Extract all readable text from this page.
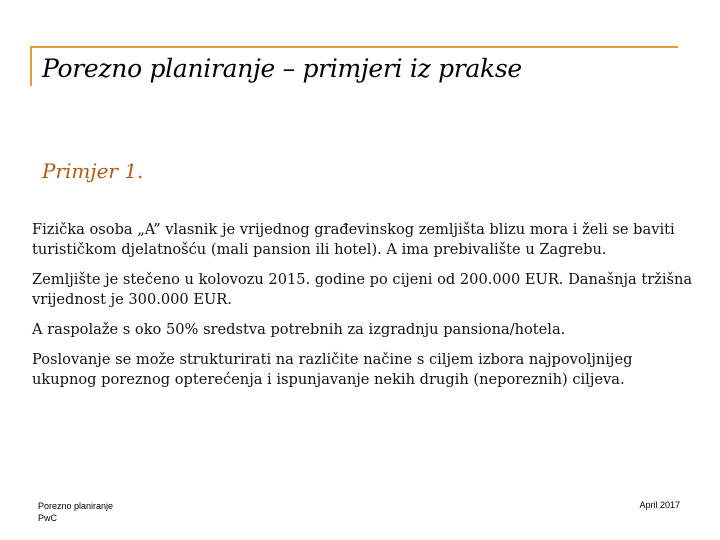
Porezno planiranje – primjeri iz prakse
Primjer 1.

Fizička osoba „A” vlasnik je vrijednog građevinskog zemljišta blizu mora i želi se baviti turističkom djelatnošću (mali pansion ili hotel). A ima prebivalište u Zagrebu.

Zemljište je stečeno u kolovozu 2015. godine po cijeni od 200.000 EUR. Današnja tržišna vrijednost je 300.000 EUR.

A raspolaže s oko 50% sredstva potrebnih za izgradnju pansiona/hotela.

Poslovanje se može strukturirati na različite načine s ciljem izbora najpovoljnijeg ukupnog poreznog opterećenja i ispunjavanje nekih drugih (neporeznih) ciljeva.

Porezno planiranje
PwC
April 2017
